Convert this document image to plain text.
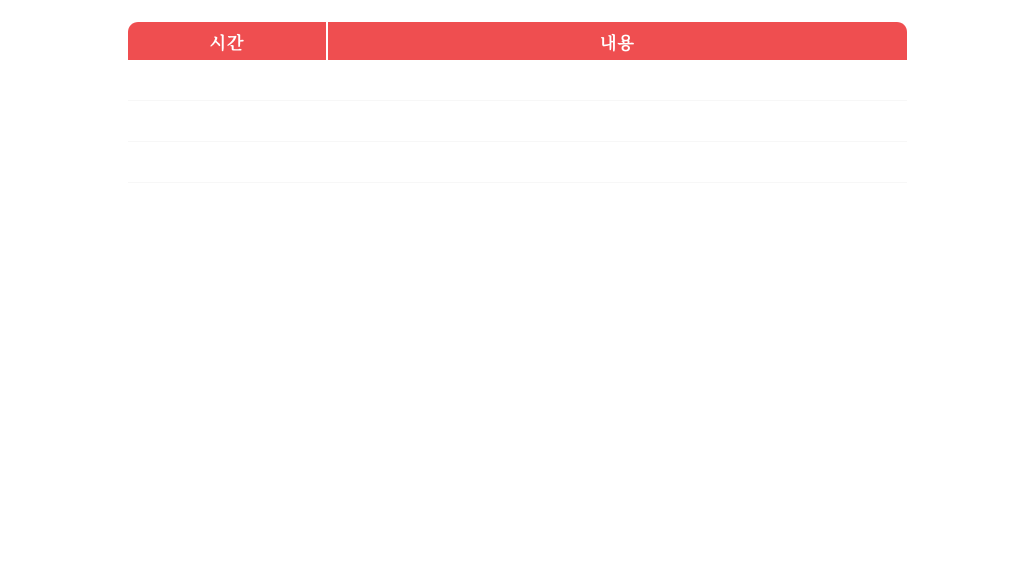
시간	내용
